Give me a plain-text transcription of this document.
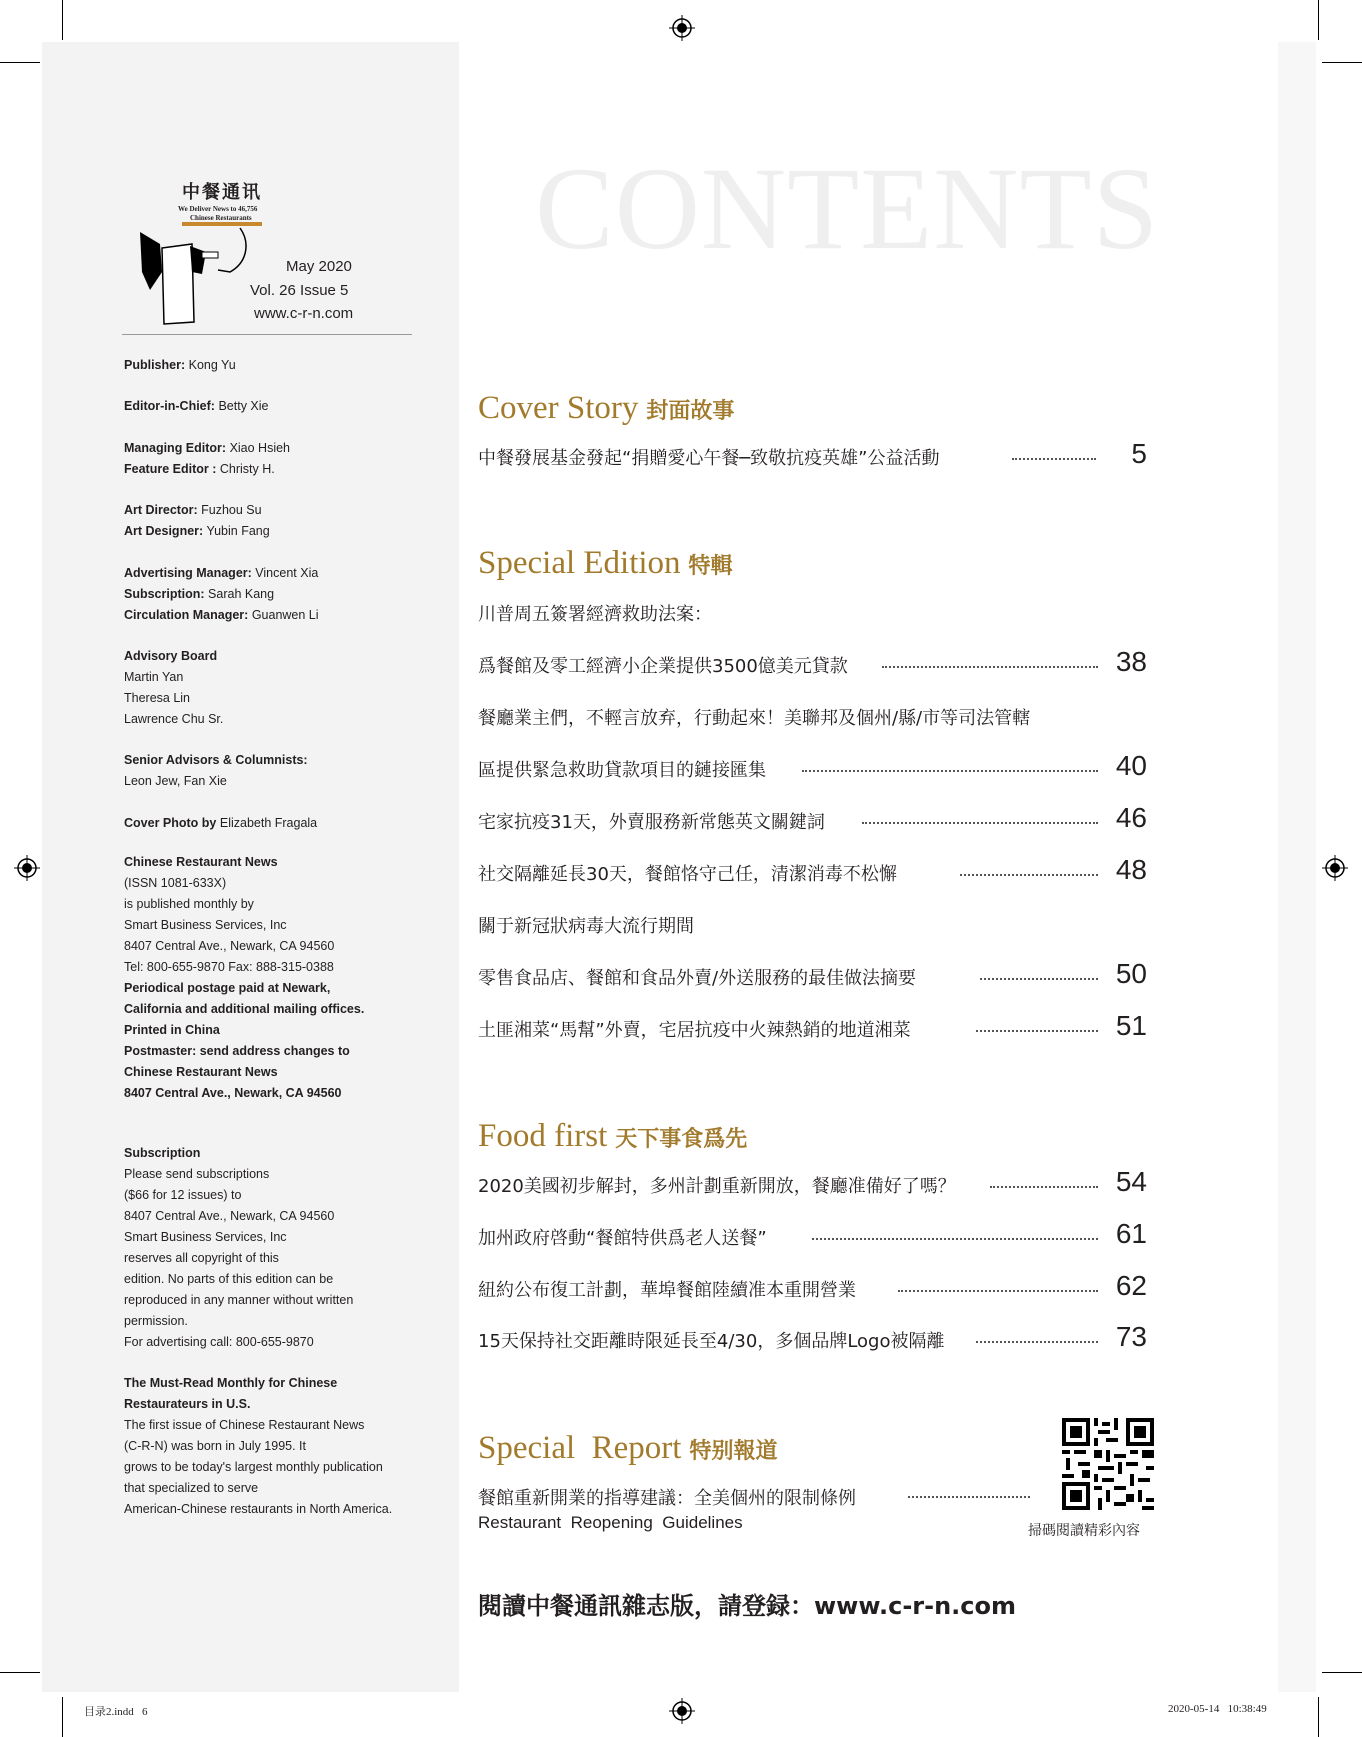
中餐通讯
We Deliver News to 46,756
Chinese Restaurants
May 2020
Vol. 26 Issue 5
www.c-r-n.com
Publisher: Kong Yu
Editor-in-Chief: Betty Xie
Managing Editor: Xiao Hsieh
Feature Editor : Christy H.
Art Director: Fuzhou Su
Art Designer: Yubin Fang
Advertising Manager: Vincent Xia
Subscription: Sarah Kang
Circulation Manager: Guanwen Li
Advisory Board
Martin Yan
Theresa Lin
Lawrence Chu Sr.
Senior Advisors & Columnists:
Leon Jew, Fan Xie
Cover Photo by Elizabeth Fragala
Chinese Restaurant News
(ISSN 1081-633X)
is published monthly by
Smart Business Services, Inc
8407 Central Ave., Newark, CA 94560
Tel: 800-655-9870 Fax: 888-315-0388
Periodical postage paid at Newark,
California and additional mailing offices.
Printed in China
Postmaster: send address changes to
Chinese Restaurant News
8407 Central Ave., Newark, CA 94560
Subscription
Please send subscriptions
($66 for 12 issues) to
8407 Central Ave., Newark, CA 94560
Smart Business Services, Inc
reserves all copyright of this
edition. No parts of this edition can be
reproduced in any manner without written
permission.
For advertising call: 800-655-9870
The Must-Read Monthly for Chinese
Restaurateurs in U.S.
The first issue of Chinese Restaurant News
(C-R-N) was born in July 1995. It
grows to be today's largest monthly publication
that specialized to serve
American-Chinese restaurants in North America.
CONTENTS
Cover Story 封面故事
中餐發展基金發起“捐贈愛心午餐─致敬抗疫英雄”公益活動	5
Special Edition 特輯
川普周五簽署經濟救助法案：
爲餐館及零工經濟小企業提供3500億美元貸款	38
餐廳業主們，不輕言放弃，行動起來！美聯邦及個州/縣/市等司法管轄
區提供緊急救助貸款項目的鏈接匯集	40
宅家抗疫31天，外賣服務新常態英文關鍵詞	46
社交隔離延長30天，餐館恪守己任，清潔消毒不松懈	48
關于新冠狀病毒大流行期間
零售食品店、餐館和食品外賣/外送服務的最佳做法摘要	50
土匪湘菜“馬幫”外賣，宅居抗疫中火辣熱銷的地道湘菜	51
Food first 天下事食爲先
2020美國初步解封，多州計劃重新開放，餐廳准備好了嗎？	54
加州政府啓動“餐館特供爲老人送餐”	61
紐約公布復工計劃，華埠餐館陸續准本重開營業	62
15天保持社交距離時限延長至4/30，多個品牌Logo被隔離	73
Special  Report 特别報道
餐館重新開業的指導建議：全美個州的限制條例
Restaurant  Reopening  Guidelines	掃碼閱讀精彩內容
閱讀中餐通訊雜志版，請登録：www.c-r-n.com
目录2.indd   6	2020-05-14   10:38:49
